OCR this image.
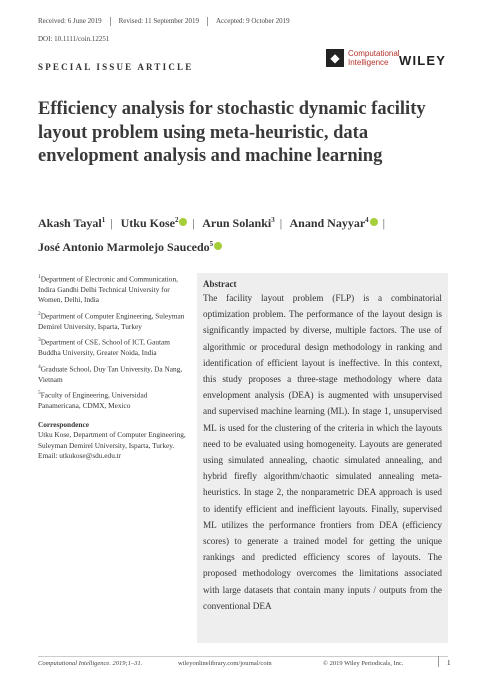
Received: 6 June 2019	Revised: 11 September 2019	Accepted: 9 October 2019
DOI: 10.1111/coin.12251
SPECIAL ISSUE ARTICLE
◆	Computational
Intelligence WILEY
Efficiency analysis for stochastic dynamic facility layout problem using meta-heuristic, data envelopment analysis and machine learning
Akash Tayal$^1$ | Utku Kose$^2$ | Arun Solanki$^3$ | Anand Nayyar$^4$ |
José Antonio Marmolejo Saucedo$^5$
$^1$Department of Electronic and Communication, Indira Gandhi Delhi Technical University for Women, Delhi, India
$^2$Department of Computer Engineering, Suleyman Demirel University, Isparta, Turkey
$^3$Department of CSE, School of ICT, Gautam Buddha University, Greater Noida, India
$^4$Graduate School, Duy Tan University, Da Nang, Vietnam
$^5$Faculty of Engineering, Universidad Panamericana, CDMX, Mexico
Correspondence
Utku Kose, Department of Computer Engineering, Suleyman Demirel University, Isparta, Turkey.
Email: utkukose@sdu.edu.tr
Abstract
The facility layout problem (FLP) is a combinatorial optimization problem. The performance of the layout design is significantly impacted by diverse, multiple factors. The use of algorithmic or procedural design methodology in ranking and identification of efficient layout is ineffective. In this context, this study proposes a three-stage methodology where data envelopment analysis (DEA) is augmented with unsupervised and supervised machine learning (ML). In stage 1, unsupervised ML is used for the clustering of the criteria in which the layouts need to be evaluated using homogeneity. Layouts are generated using simulated annealing, chaotic simulated annealing, and hybrid firefly algorithm/chaotic simulated annealing meta-heuristics. In stage 2, the nonparametric DEA approach is used to identify efficient and inefficient layouts. Finally, supervised ML utilizes the performance frontiers from DEA (efficiency scores) to generate a trained model for getting the unique rankings and predicted efficiency scores of layouts. The proposed methodology overcomes the limitations associated with large datasets that contain many inputs / outputs from the conventional DEA
Computational Intelligence. 2019;1–31.	wileyonlinelibrary.com/journal/coin	© 2019 Wiley Periodicals, Inc.	1
